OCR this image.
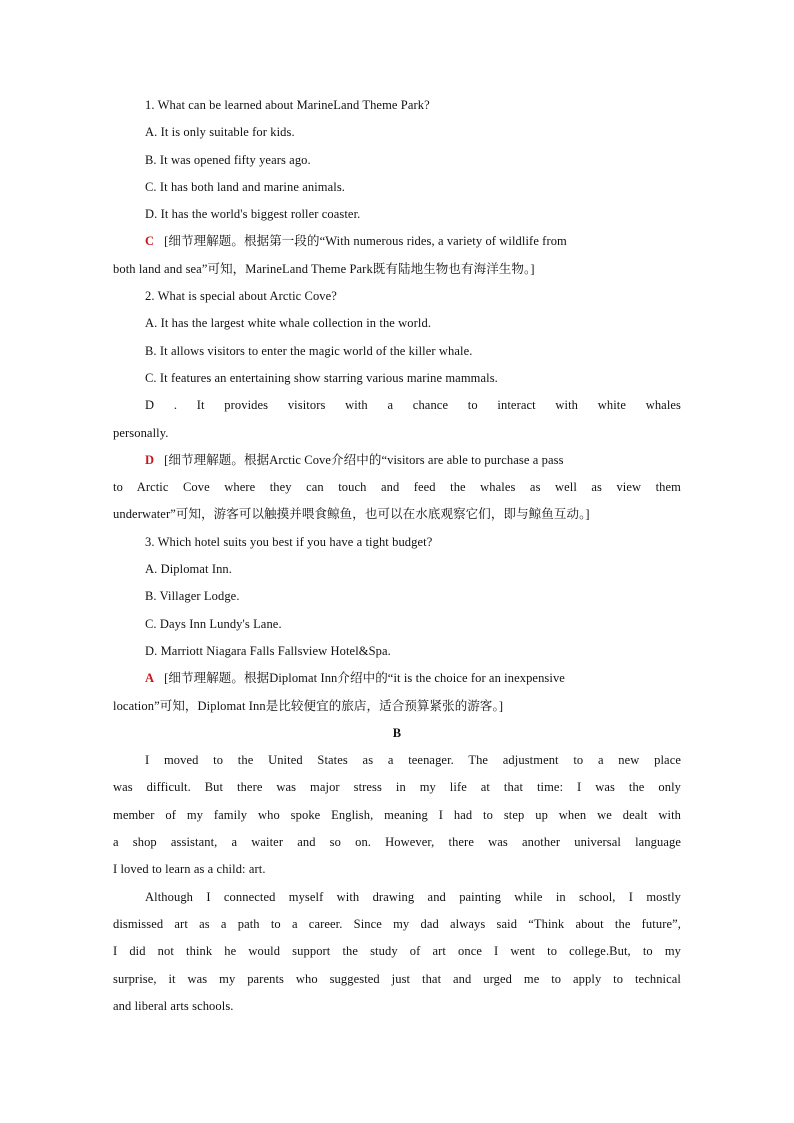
1. What can be learned about MarineLand Theme Park?
A. It is only suitable for kids.
B. It was opened fifty years ago.
C. It has both land and marine animals.
D. It has the world's biggest roller coaster.
C [细节理解题。根据第一段的“With numerous rides, a variety of wildlife from
both land and sea”可知，MarineLand Theme Park既有陆地生物也有海洋生物。]
2. What is special about Arctic Cove?
A. It has the largest white whale collection in the world.
B. It allows visitors to enter the magic world of the killer whale.
C. It features an entertaining show starring various marine mammals.
D . It provides visitors with a chance to interact with white whales
personally.
D [细节理解题。根据Arctic Cove介绍中的“visitors are able to purchase a pass
to Arctic Cove where they can touch and feed the whales as well as view them
underwater”可知，游客可以触摸并喂食鲸鱼，也可以在水底观察它们，即与鲸鱼互动。]
3. Which hotel suits you best if you have a tight budget?
A. Diplomat Inn.
B. Villager Lodge.
C. Days Inn Lundy's Lane.
D. Marriott Niagara Falls Fallsview Hotel&Spa.
A [细节理解题。根据Diplomat Inn介绍中的“it is the choice for an inexpensive
location”可知，Diplomat Inn是比较便宜的旅店，适合预算紧张的游客。]
B
I moved to the United States as a teenager. The adjustment to a new place
was difficult. But there was major stress in my life at that time: I was the only
member of my family who spoke English, meaning I had to step up when we dealt with
a shop assistant, a waiter and so on. However, there was another universal language
I loved to learn as a child: art.
Although I connected myself with drawing and painting while in school, I mostly
dismissed art as a path to a career. Since my dad always said “Think about the future”,
I did not think he would support the study of art once I went to college.But, to my
surprise, it was my parents who suggested just that and urged me to apply to technical
and liberal arts schools.
